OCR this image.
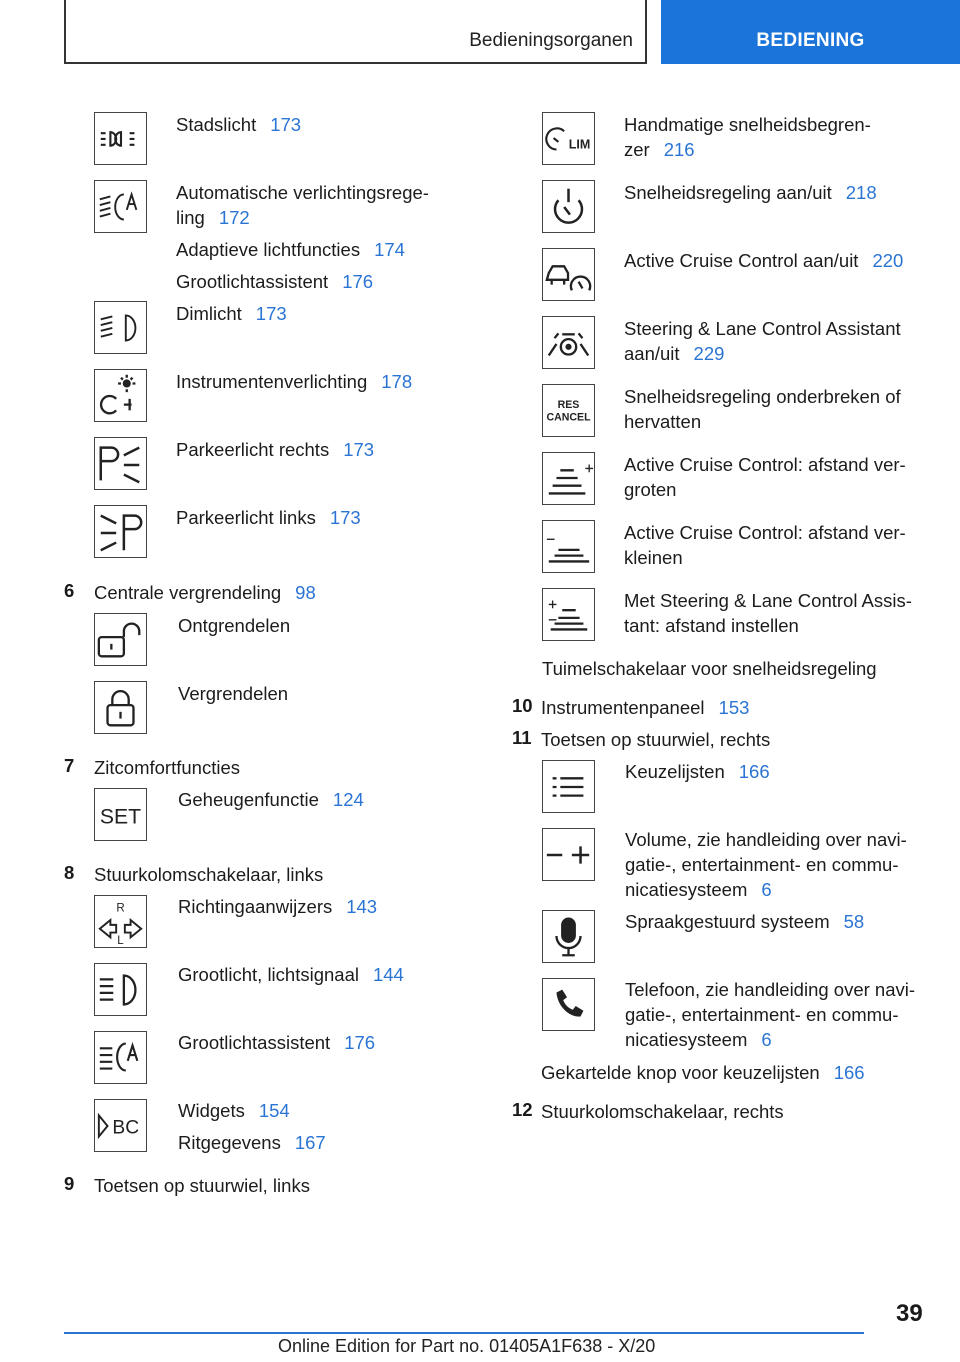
Bedieningsorganen	BEDIENING
Stadslicht 173
Automatische verlichtingsrege-
ling 172
Adaptieve lichtfuncties 174
Grootlichtassistent 176
Dimlicht 173
Instrumentenverlichting 178
Parkeerlicht rechts 173
Parkeerlicht links 173
6 Centrale vergrendeling 98
Ontgrendelen
Vergrendelen
7 Zitcomfortfuncties
SET
Geheugenfunctie 124
8 Stuurkolomschakelaar, links
R
L
Richtingaanwijzers 143
Grootlicht, lichtsignaal 144
Grootlichtassistent 176
BC
Widgets 154
Ritgegevens 167
9 Toetsen op stuurwiel, links
LIM
Handmatige snelheidsbegren-
zer 216
Snelheidsregeling aan/uit 218
Active Cruise Control aan/uit 220
Steering & Lane Control Assistant
aan/uit 229
RES
CANCEL
Snelheidsregeling onderbreken of
hervatten
Active Cruise Control: afstand ver-
groten
Active Cruise Control: afstand ver-
kleinen
Met Steering & Lane Control Assis-
tant: afstand instellen
Tuimelschakelaar voor snelheidsregeling
10 Instrumentenpaneel 153
11 Toetsen op stuurwiel, rechts
Keuzelijsten 166
Volume, zie handleiding over navi-
gatie-, entertainment- en commu-
nicatiesysteem 6
Spraakgestuurd systeem 58
Telefoon, zie handleiding over navi-
gatie-, entertainment- en commu-
nicatiesysteem 6
Gekartelde knop voor keuzelijsten 166
12 Stuurkolomschakelaar, rechts
39
Online Edition for Part no. 01405A1F638 - X/20
